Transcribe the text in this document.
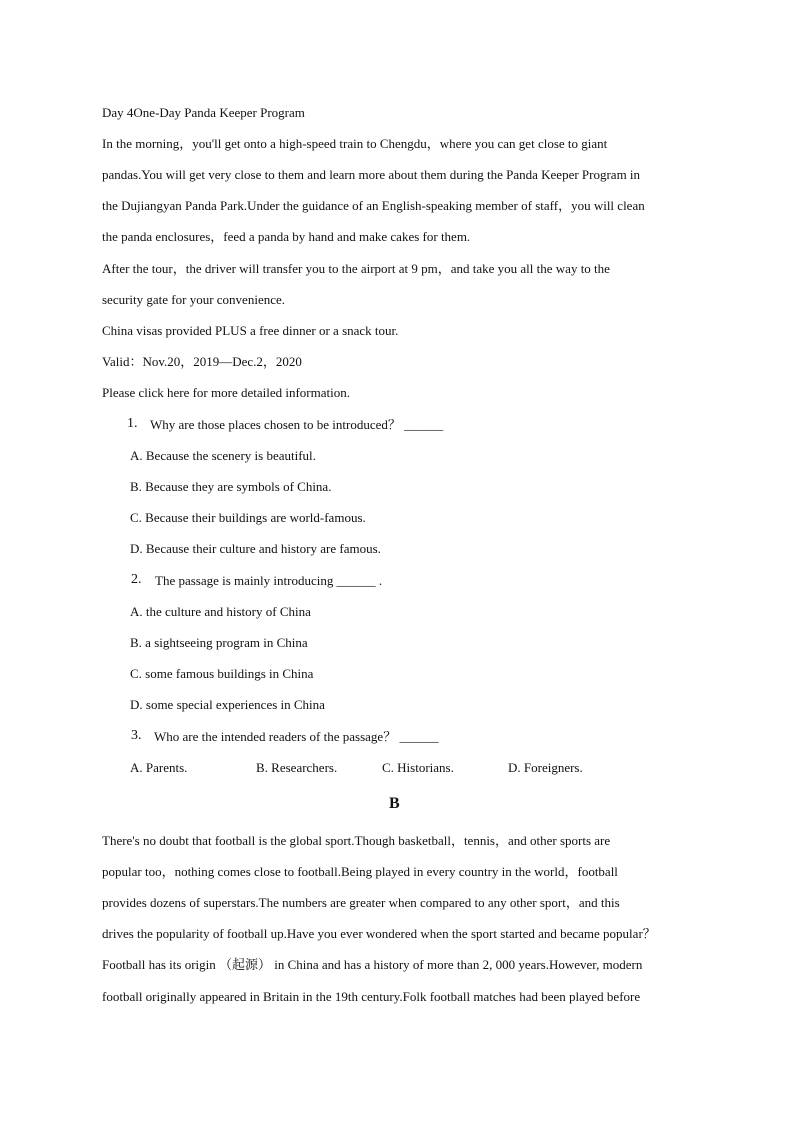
Day 4One-Day Panda Keeper Program
In the morning，you'll get onto a high-speed train to Chengdu，where you can get close to giant
pandas.You will get very close to them and learn more about them during the Panda Keeper Program in
the Dujiangyan Panda Park.Under the guidance of an English-speaking member of staff，you will clean
the panda enclosures，feed a panda by hand and make cakes for them.
After the tour，the driver will transfer you to the airport at 9 pm，and take you all the way to the
security gate for your convenience.
China visas provided PLUS a free dinner or a snack tour.
Valid：Nov.20，2019—Dec.2，2020
Please click here for more detailed information.
1. Why are those places chosen to be introduced？ ______
A. Because the scenery is beautiful.
B. Because they are symbols of China.
C. Because their buildings are world-famous.
D. Because their culture and history are famous.
2. The passage is mainly introducing ______ .
A. the culture and history of China
B. a sightseeing program in China
C. some famous buildings in China
D. some special experiences in China
3. Who are the intended readers of the passage？ ______
A. Parents.	B. Researchers.	C. Historians.	D. Foreigners.
B
There's no doubt that football is the global sport.Though basketball，tennis，and other sports are
popular too，nothing comes close to football.Being played in every country in the world，football
provides dozens of superstars.The numbers are greater when compared to any other sport，and this
drives the popularity of football up.Have you ever wondered when the sport started and became popular？
Football has its origin （起源） in China and has a history of more than 2, 000 years.However, modern
football originally appeared in Britain in the 19th century.Folk football matches had been played before
